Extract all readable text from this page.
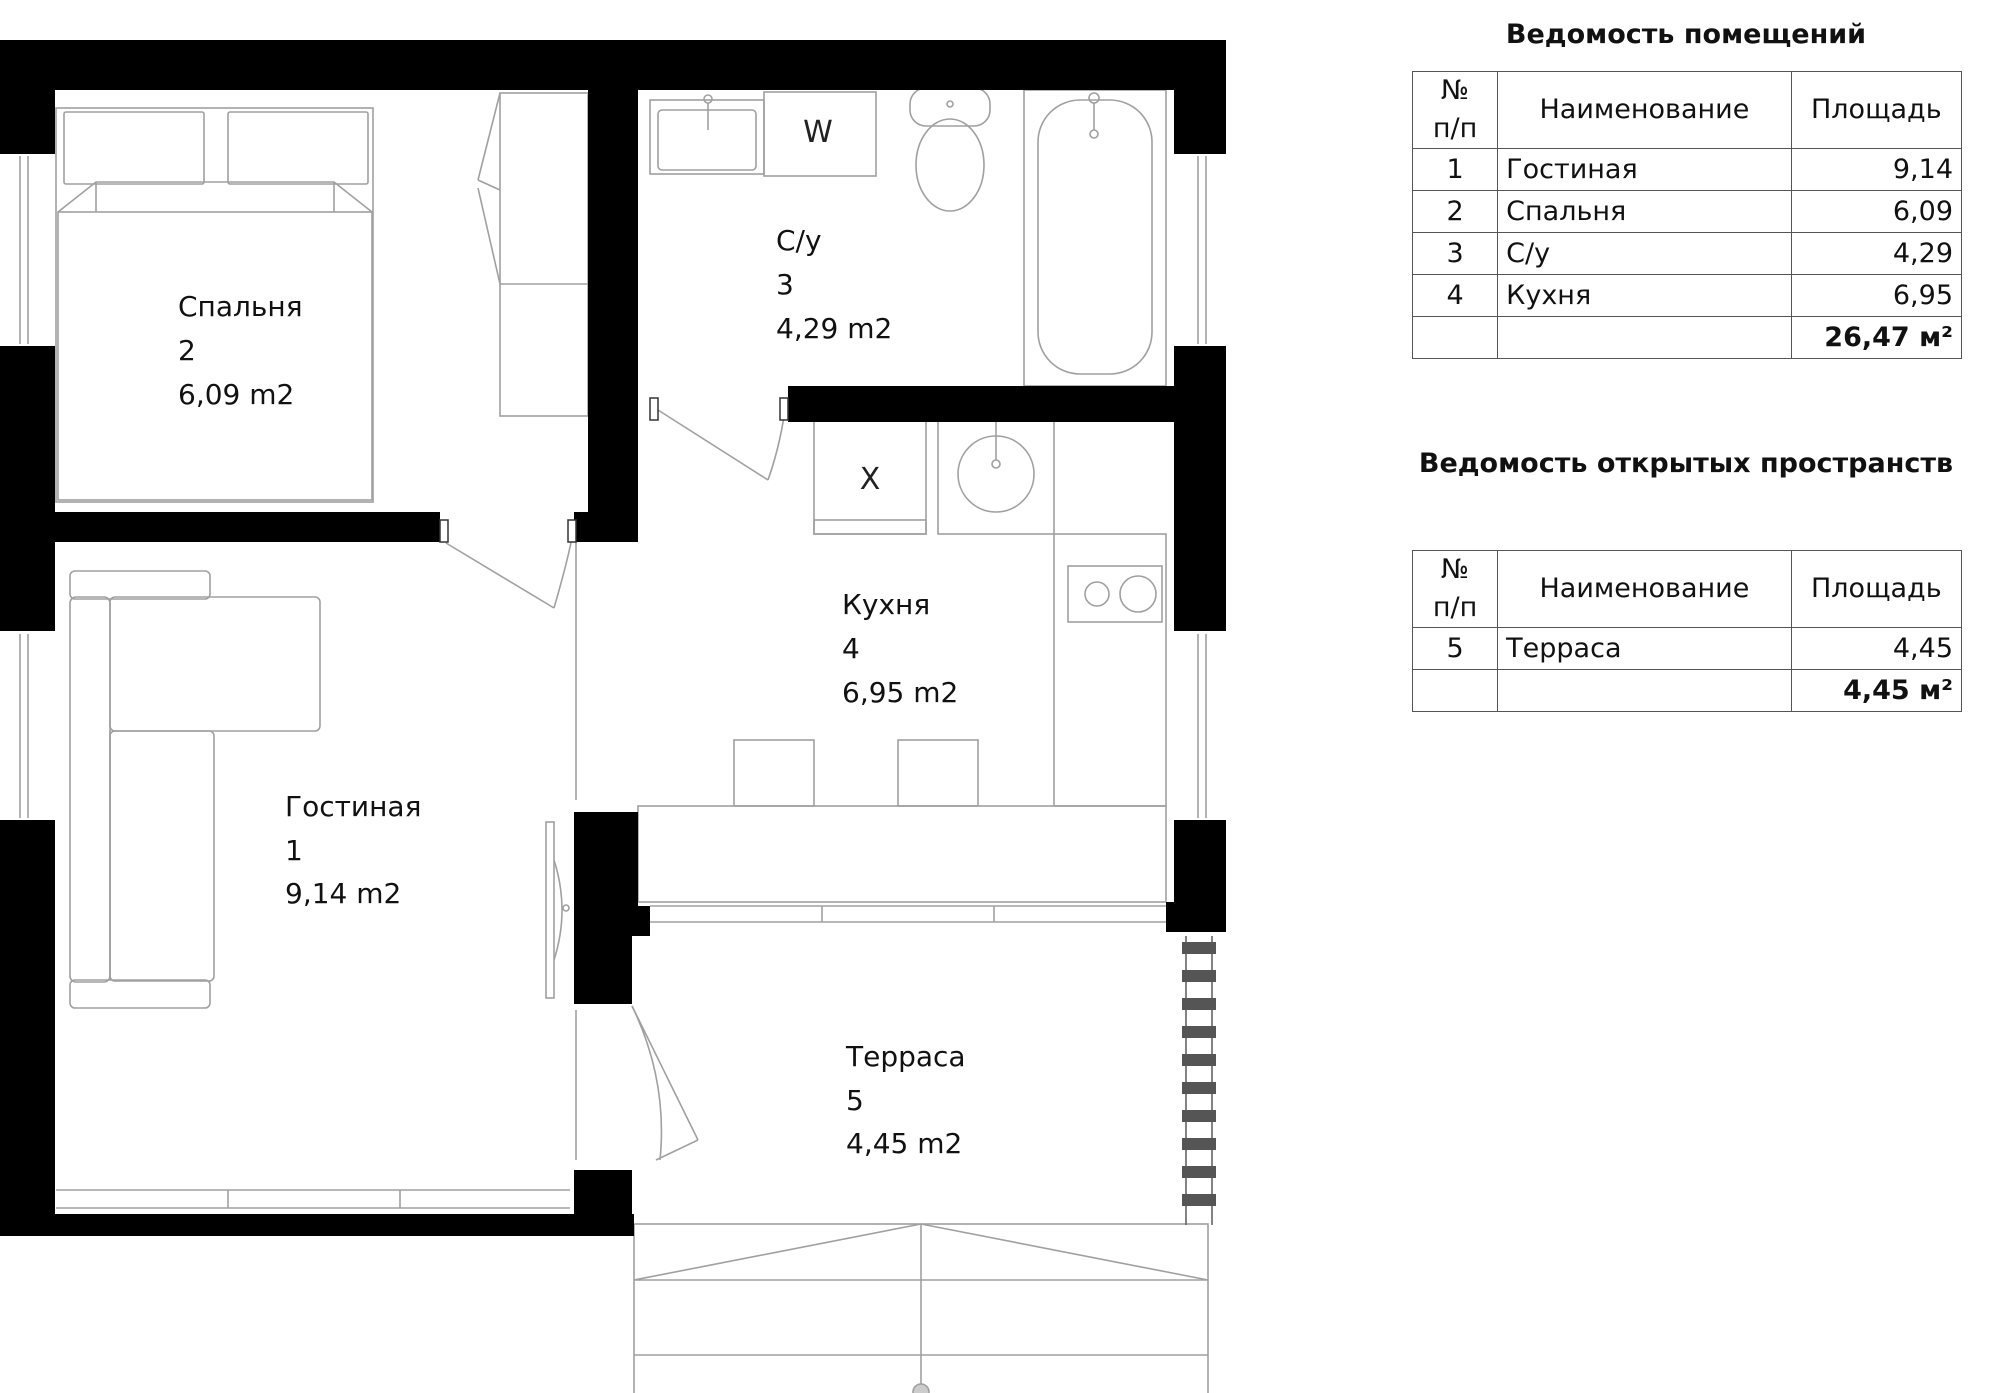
W
X
Гостиная
1
9,14 m2
Спальня
2
6,09 m2
С/у
3
4,29 m2
Кухня
4
6,95 m2
Терраса
5
4,45 m2
Ведомость помещений
№
п/п	Наименование	Площадь
1	Гостиная	9,14
2	Спальня	6,09
3	С/у	4,29
4	Кухня	6,95
		26,47 м²
Ведомость открытых пространств
№
п/п	Наименование	Площадь
5	Терраса	4,45
		4,45 м²
